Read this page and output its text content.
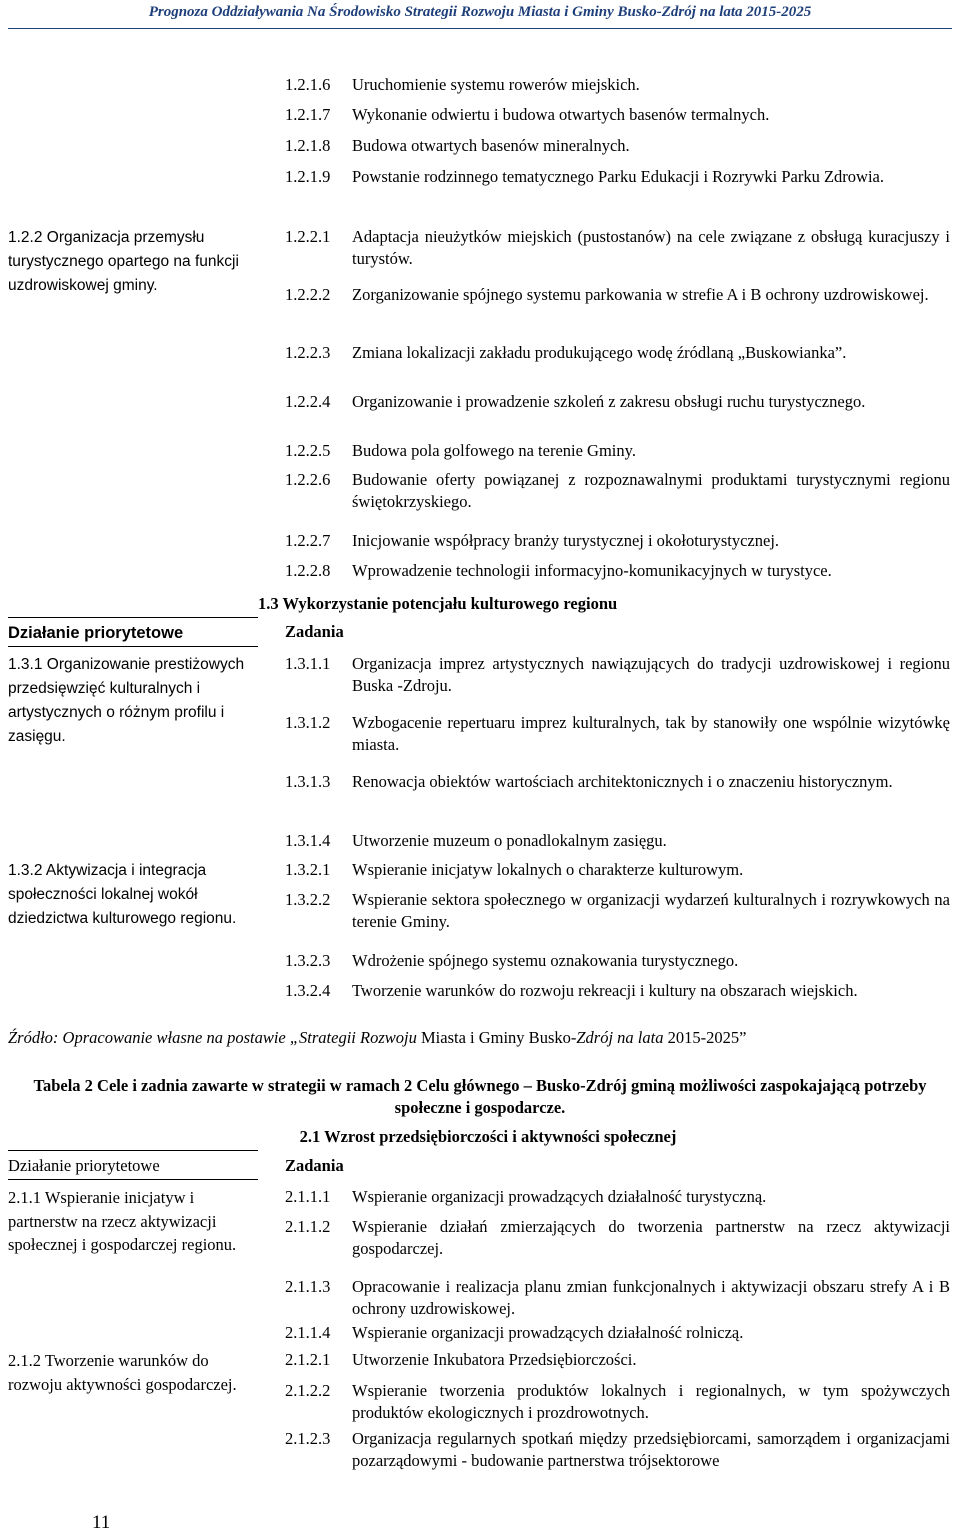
Prognoza Oddziaływania Na Środowisko Strategii Rozwoju Miasta i Gminy Busko-Zdrój na lata 2015-2025
1.2.1.6	Uruchomienie systemu rowerów miejskich.
1.2.1.7	Wykonanie odwiertu i budowa otwartych basenów termalnych.
1.2.1.8	Budowa otwartych basenów mineralnych.
1.2.1.9	Powstanie rodzinnego tematycznego Parku Edukacji i Rozrywki Parku Zdrowia.
1.2.2 Organizacja przemysłu turystycznego opartego na funkcji uzdrowiskowej gminy.
1.2.2.1	Adaptacja nieużytków miejskich (pustostanów) na cele związane z obsługą kuracjuszy i turystów.
1.2.2.2	Zorganizowanie spójnego systemu parkowania w strefie A i B ochrony uzdrowiskowej.
1.2.2.3	Zmiana lokalizacji zakładu produkującego wodę źródlaną „Buskowianka”.
1.2.2.4	Organizowanie i prowadzenie szkoleń z zakresu obsługi ruchu turystycznego.
1.2.2.5	Budowa pola golfowego na terenie Gminy.
1.2.2.6	Budowanie oferty powiązanej z rozpoznawalnymi produktami turystycznymi regionu świętokrzyskiego.
1.2.2.7	Inicjowanie współpracy branży turystycznej i okołoturystycznej.
1.2.2.8	Wprowadzenie technologii informacyjno-komunikacyjnych w turystyce.
1.3 Wykorzystanie potencjału kulturowego regionu
Działanie priorytetowe	Zadania
1.3.1 Organizowanie prestiżowych przedsięwzięć kulturalnych i artystycznych o różnym profilu i zasięgu.
1.3.1.1	Organizacja imprez artystycznych nawiązujących do tradycji uzdrowiskowej i regionu Buska -Zdroju.
1.3.1.2	Wzbogacenie repertuaru imprez kulturalnych, tak by stanowiły one wspólnie wizytówkę miasta.
1.3.1.3	Renowacja obiektów wartościach architektonicznych i o znaczeniu historycznym.
1.3.1.4	Utworzenie muzeum o ponadlokalnym zasięgu.
1.3.2 Aktywizacja i integracja społeczności lokalnej wokół dziedzictwa kulturowego regionu.
1.3.2.1	Wspieranie inicjatyw lokalnych o charakterze kulturowym.
1.3.2.2	Wspieranie sektora społecznego w organizacji wydarzeń kulturalnych i rozrywkowych na terenie Gminy.
1.3.2.3	Wdrożenie spójnego systemu oznakowania turystycznego.
1.3.2.4	Tworzenie warunków do rozwoju rekreacji i kultury na obszarach wiejskich.
Źródło: Opracowanie własne na postawie „Strategii Rozwoju Miasta i Gminy Busko-Zdrój na lata 2015-2025”
Tabela 2 Cele i zadnia zawarte w strategii w ramach 2 Celu głównego – Busko-Zdrój gminą możliwości zaspokajającą potrzeby społeczne i gospodarcze.
2.1 Wzrost przedsiębiorczości i aktywności społecznej
Działanie priorytetowe	Zadania
2.1.1 Wspieranie inicjatyw i partnerstw na rzecz aktywizacji społecznej i gospodarczej regionu.
2.1.1.1	Wspieranie organizacji prowadzących działalność turystyczną.
2.1.1.2	Wspieranie działań zmierzających do tworzenia partnerstw na rzecz aktywizacji gospodarczej.
2.1.1.3	Opracowanie i realizacja planu zmian funkcjonalnych i aktywizacji obszaru strefy A i B ochrony uzdrowiskowej.
2.1.1.4	Wspieranie organizacji prowadzących działalność rolniczą.
2.1.2 Tworzenie warunków do rozwoju aktywności gospodarczej.
2.1.2.1	Utworzenie Inkubatora Przedsiębiorczości.
2.1.2.2	Wspieranie tworzenia produktów lokalnych i regionalnych, w tym spożywczych produktów ekologicznych i prozdrowotnych.
2.1.2.3	Organizacja regularnych spotkań między przedsiębiorcami, samorządem i organizacjami pozarządowymi - budowanie partnerstwa trójsektorowe
11
